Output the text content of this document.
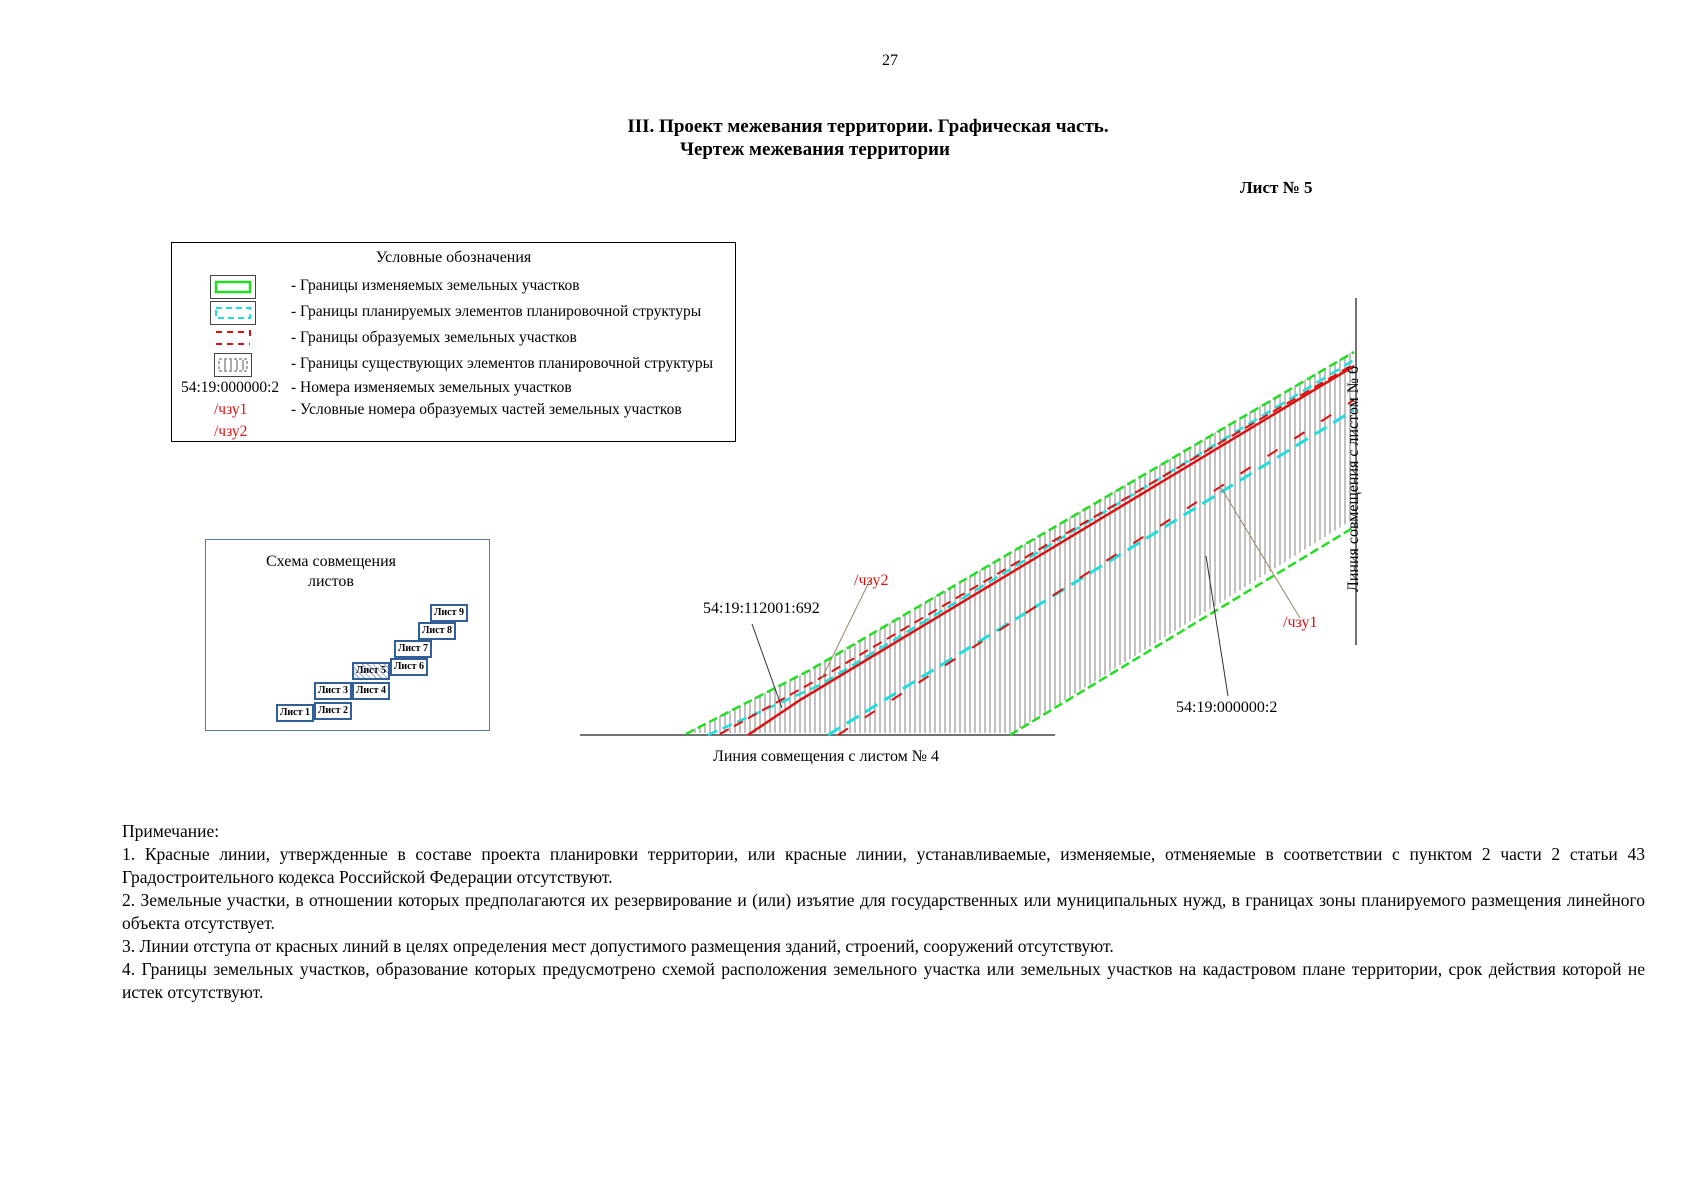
27
III. Проект межевания территории. Графическая часть.
Чертеж межевания территории
Лист № 5
Условные обозначения
- Границы изменяемых земельных участков
- Границы планируемых элементов планировочной структуры
- Границы образуемых земельных участков
- Границы существующих элементов планировочной структуры
54:19:000000:2 - Номера изменяемых земельных участков
/чзу1
/чзу2
- Условные номера образуемых частей земельных участков
Схема совмещения
листов
Лист 1 Лист 2
Лист 3 Лист 4
Лист 5 Лист 6
Лист 7
Лист 8
Лист 9	54:19:112001:692
/чзу2
/чзу1
54:19:000000:2
Линия совмещения с листом № 4
Линия совмещения с листом № 6

Примечание:

1. Красные линии, утвержденные в составе проекта планировки территории, или красные линии, устанавливаемые, изменяемые, отменяемые в соответствии с пунктом 2 части 2 статьи 43 Градостроительного кодекса Российской Федерации отсутствуют.

2. Земельные участки, в отношении которых предполагаются их резервирование и (или) изъятие для государственных или муниципальных нужд, в границах зоны планируемого размещения линейного объекта отсутствует.

3. Линии отступа от красных линий в целях определения мест допустимого размещения зданий, строений, сооружений отсутствуют.

4. Границы земельных участков, образование которых предусмотрено схемой расположения земельного участка или земельных участков на кадастровом плане территории, срок действия которой не истек отсутствуют.
